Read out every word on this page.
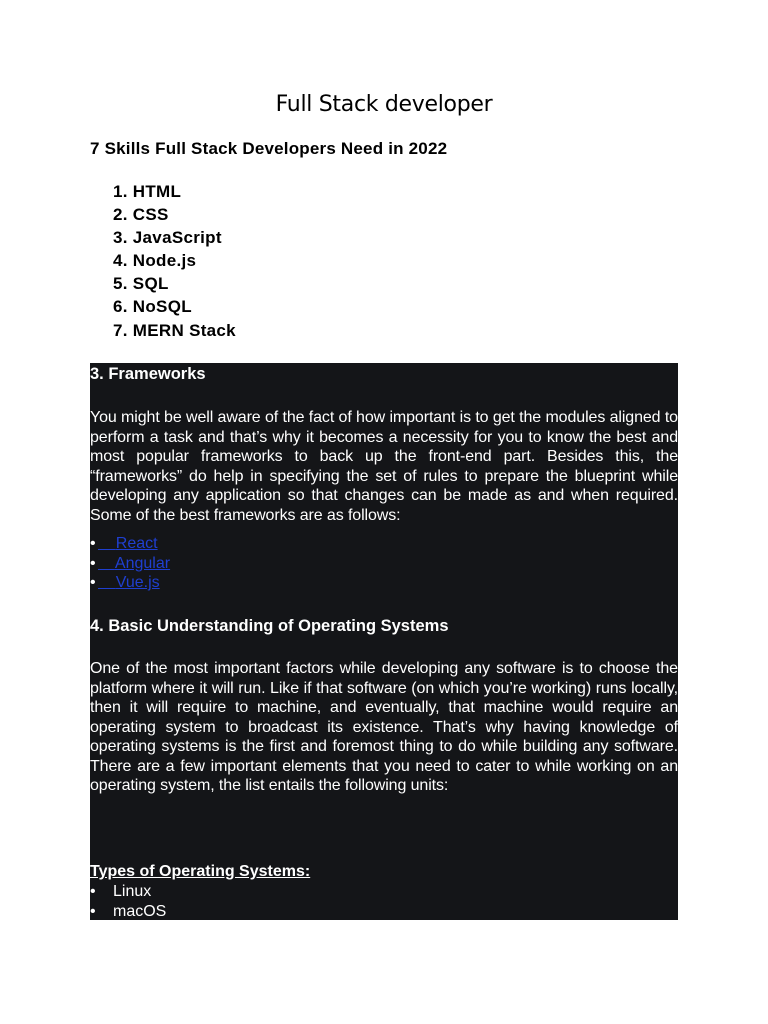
Full Stack developer
7 Skills Full Stack Developers Need in 2022
1. HTML
2. CSS
3. JavaScript
4. Node.js
5. SQL
6. NoSQL
7. MERN Stack
3. Frameworks

You might be well aware of the fact of how important is to get the modules aligned to perform a task and that’s why it becomes a necessity for you to know the best and most popular frameworks to back up the front-end part. Besides this, the “frameworks” do help in specifying the set of rules to prepare the blueprint while developing any application so that changes can be made as and when required. Some of the best frameworks are as follows:

• React
• Angular
• Vue.js
4. Basic Understanding of Operating Systems

One of the most important factors while developing any software is to choose the platform where it will run. Like if that software (on which you’re working) runs locally, then it will require to machine, and eventually, that machine would require an operating system to broadcast its existence. That’s why having knowledge of operating systems is the first and foremost thing to do while building any software. There are a few important elements that you need to cater to while working on an operating system, the list entails the following units:

Types of Operating Systems:

• Linux
• macOS
